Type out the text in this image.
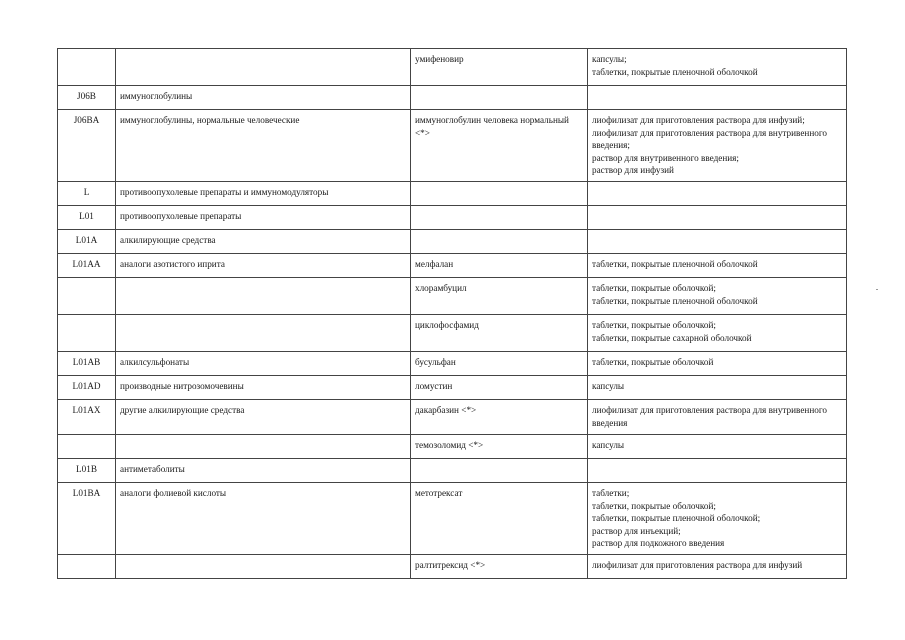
		умифеновир	капсулы;
таблетки, покрытые пленочной оболочкой
J06B	иммуноглобулины		
J06BA	иммуноглобулины, нормальные человеческие	иммуноглобулин человека нормальный <*>	лиофилизат для приготовления раствора для инфузий;
лиофилизат для приготовления раствора для внутривенного введения;
раствор для внутривенного введения;
раствор для инфузий
L	противоопухолевые препараты и иммуномодуляторы		
L01	противоопухолевые препараты		
L01A	алкилирующие средства		
L01AA	аналоги азотистого иприта	мелфалан	таблетки, покрытые пленочной оболочкой
		хлорамбуцил	таблетки, покрытые оболочкой;
таблетки, покрытые пленочной оболочкой
		циклофосфамид	таблетки, покрытые оболочкой;
таблетки, покрытые сахарной оболочкой
L01AB	алкилсульфонаты	бусульфан	таблетки, покрытые оболочкой
L01AD	производные нитрозомочевины	ломустин	капсулы
L01AX	другие алкилирующие средства	дакарбазин <*>	лиофилизат для приготовления раствора для внутривенного введения
		темозоломид <*>	капсулы
L01B	антиметаболиты		
L01BA	аналоги фолиевой кислоты	метотрексат	таблетки;
таблетки, покрытые оболочкой;
таблетки, покрытые пленочной оболочкой;
раствор для инъекций;
раствор для подкожного введения
		ралтитрексид <*>	лиофилизат для приготовления раствора для инфузий
